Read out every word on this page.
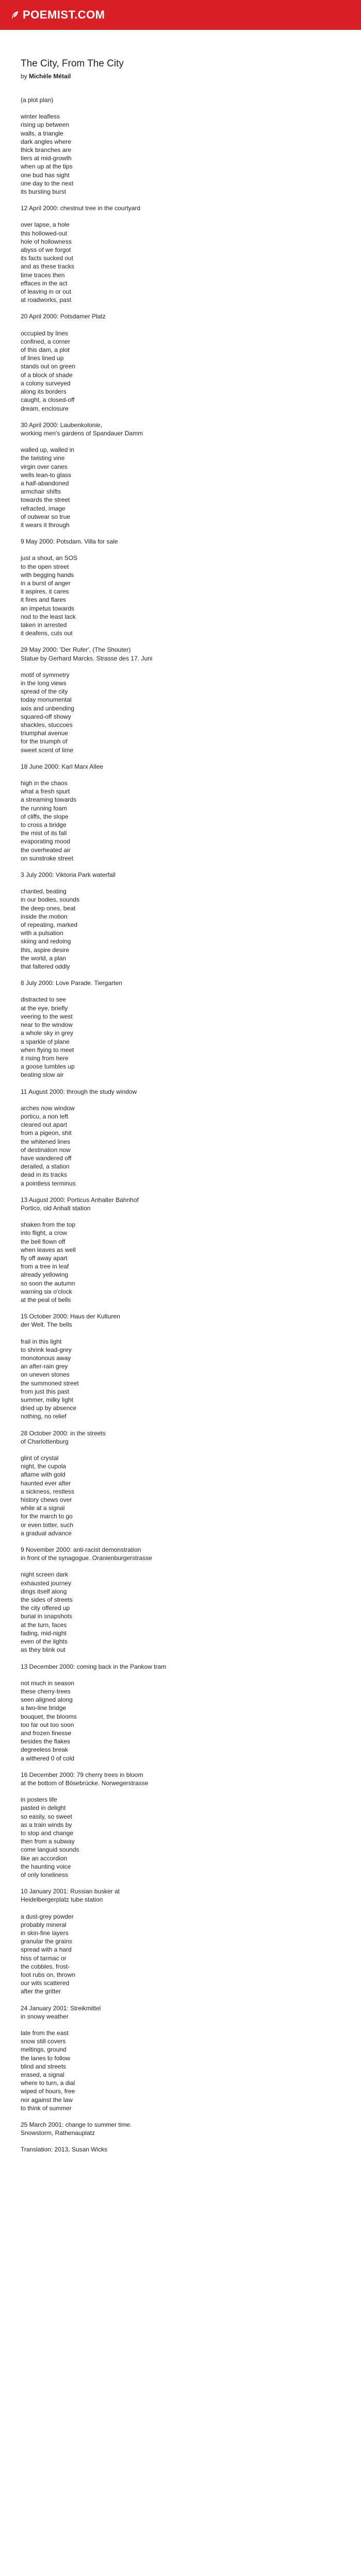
POEMIST.COM
The City, From The City
by Michèle Métail

(a plot plan)

winter leafless
rising up between
walls, a triangle
dark angles where
thick branches are
tiers at mid-growth
when up at the tips
one bud has sight
one day to the next
its bursting burst

12 April 2000: chestnut tree in the courtyard

over lapse, a hole
this hollowed-out
hole of hollowness
abyss of we forgot
its facts sucked out
and as these tracks
time traces then
effaces in the act
of leaving in or out
at roadworks, past

20 April 2000: Potsdamer Platz

occupied by lines
confined, a corner
of this dam, a plot
of lines lined up
stands out on green
of a block of shade
a colony surveyed
along its borders
caught, a closed-off
dream, enclosure

30 April 2000: Laubenkolonie,
working men's gardens of Spandauer Damm

walled up, walled in
the twisting vine
virgin over canes
wells lean-to glass
a half-abandoned
armchair shifts
towards the street
refracted, image
of outwear so true
it wears it through

9 May 2000: Potsdam. Villa for sale

just a shout, an SOS
to the open street
with begging hands
in a burst of anger
it aspires, it cares
it fires and flares
an impetus towards
nod to the least lack
taken in arrested
it deafens, cuts out

29 May 2000: 'Der Rufer', (The Shouter)
Statue by Gerhard Marcks. Strasse des 17. Juni

motif of symmetry
in the long views
spread of the city
today monumental
axis and unbending
squared-off showy
shackles, stuccoes
triumphal avenue
for the triumph of
sweet scent of lime

18 June 2000: Karl Marx Allee

high in the chaos
what a fresh spurt
a streaming towards
the running foam
of cliffs, the slope
to cross a bridge
the mist of its fall
evaporating mood
the overheated air
on sunstroke street

3 July 2000: Viktoria Park waterfall

chanted, beating
in our bodies, sounds
the deep ones, beat
inside the motion
of repeating, marked
with a pulsation
skiing and redoing
this, aspire desire
the world, a plan
that faltered oddly

8 July 2000: Love Parade. Tiergarten

distracted to see
at the eye, briefly
veering to the west
near to the window
a whole sky in grey
a sparkle of plane
when flying to meet
it rising from here
a goose tumbles up
beating slow air

11 August 2000: through the study window

arches now window
porticu, a non left
cleared out apart
from a pigeon, shit
the whitened lines
of destination now
have wandered off
derailed, a station
dead in its tracks
a pointless terminus

13 August 2000: Porticus Anhalter Bahnhof
Portico, old Anhalt station

shaken from the top
into flight, a crow
the bell flown off
when leaves as well
fly off away apart
from a tree in leaf
already yellowing
so soon the autumn
warning six o'clock
at the peal of bells

15 October 2000: Haus der Kulturen
der Welt. The bells

frail in this light
to shrink lead-grey
monotonous away
an after-rain grey
on uneven stones
the summoned street
from just this past
summer, milky light
dried up by absence
nothing, no relief

28 October 2000: in the streets
of Charlottenburg

glint of crystal
night, the cupola
aflame with gold
haunted ever after
a sickness, restless
history chews over
while at a signal
for the march to go
or even totter, such
a gradual advance

9 November 2000: anti-racist demonstration
in front of the synagogue. Oranienburgerstrasse

night screen dark
exhausted journey
dings itself along
the sides of streets
the city offered up
burial in snapshots
at the turn, faces
fading, mid-night
even of the lights
as they blink out

13 December 2000: coming back in the Pankow tram

not much in season
these cherry-trees
seen aligned along
a two-line bridge
bouquet, the blooms
too far out too soon
and frozen finesse
besides the flakes
degreeless break
a withered 0 of cold

16 December 2000: 79 cherry trees in bloom
at the bottom of Bösebrücke. Norwegerstrasse

in posters life
pasted in delight
so easily, so sweet
as a train winds by
to stop and change
then from a subway
come languid sounds
like an accordion
the haunting voice
of only loneliness

10 January 2001: Russian busker at
Heidelbergerplatz tube station

a dust-grey powder
probably mineral
in skin-fine layers
granular the grains
spread with a hard
hiss of tarmac or
the cobbles, frost-
foot rubs on, thrown
our wits scattered
after the gritter

24 January 2001: Streikmittel
in snowy weather

late from the east
snow still covers
meltings, ground
the lanes to follow
blind and streets
erased, a signal
where to turn, a dial
wiped of hours, free
nor against the law
to think of summer

25 March 2001: change to summer time.
Snowstorm, Rathenauplatz

Translation: 2013, Susan Wicks
